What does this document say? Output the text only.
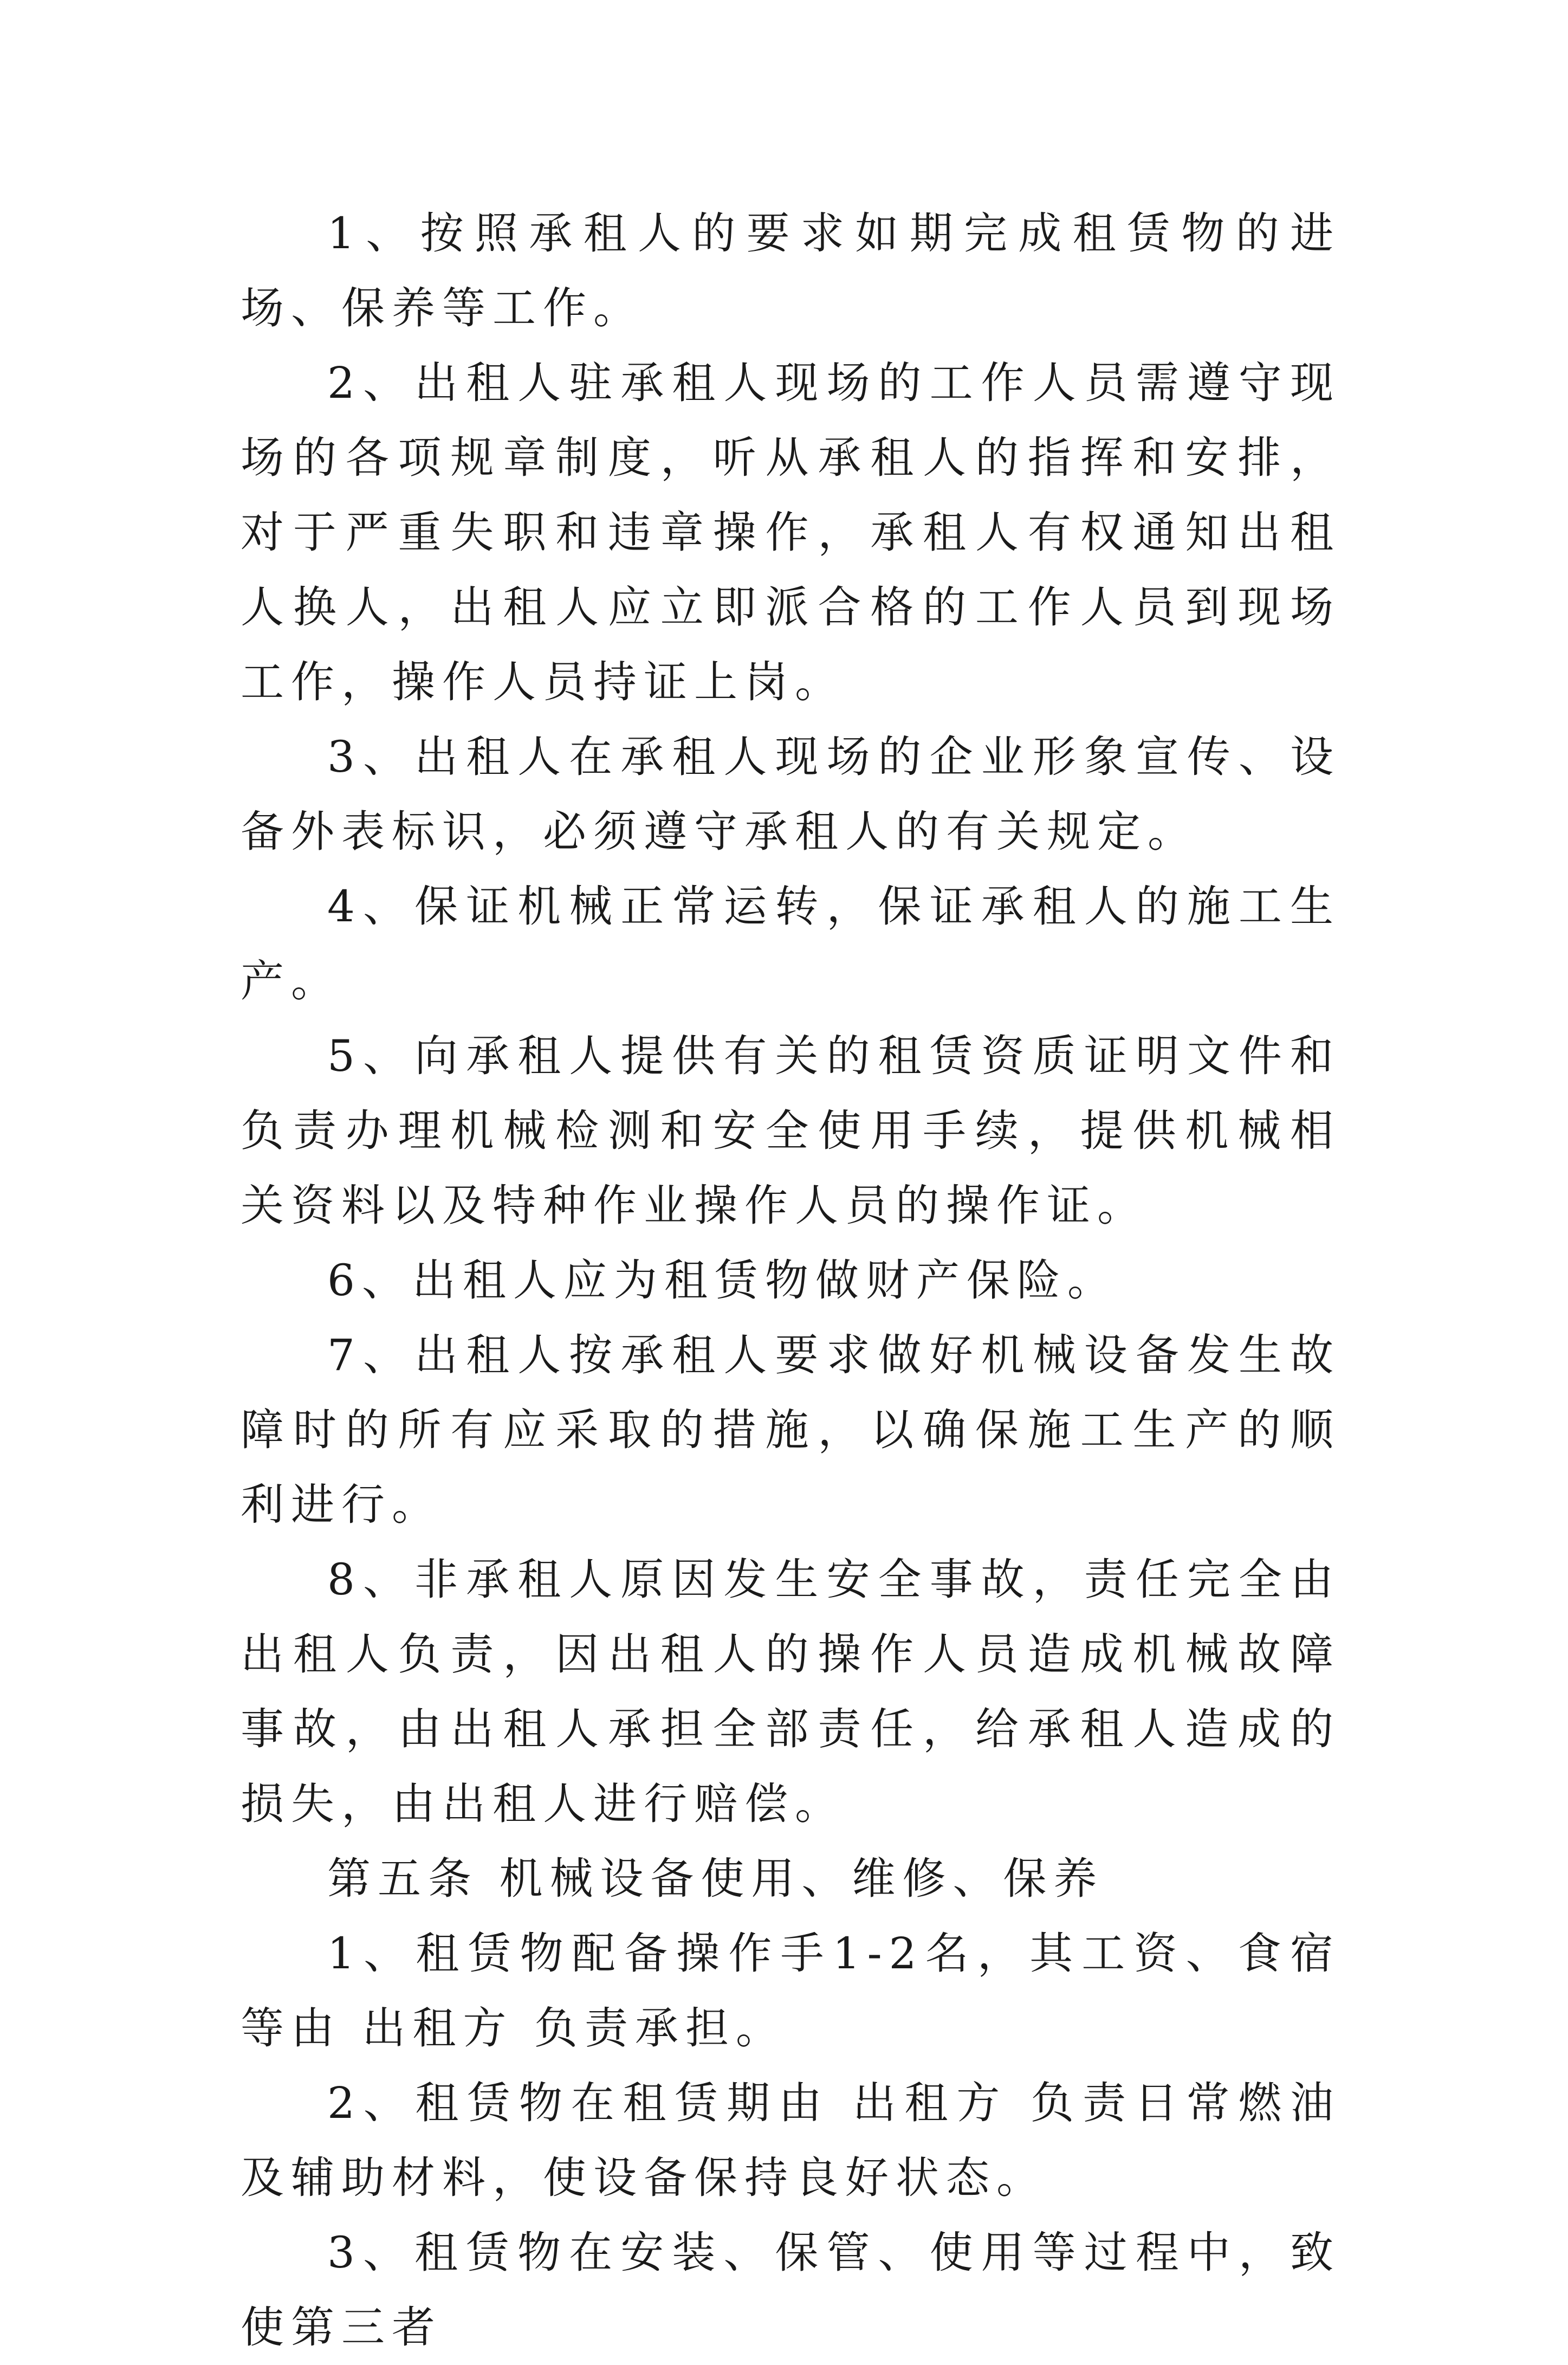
1、按照承租人的要求如期完成租赁物的进场、保养等工作。

2、出租人驻承租人现场的工作人员需遵守现场的各项规章制度，听从承租人的指挥和安排，对于严重失职和违章操作，承租人有权通知出租人换人，出租人应立即派合格的工作人员到现场工作，操作人员持证上岗。

3、出租人在承租人现场的企业形象宣传、设备外表标识，必须遵守承租人的有关规定。

4、保证机械正常运转，保证承租人的施工生产。

5、向承租人提供有关的租赁资质证明文件和负责办理机械检测和安全使用手续，提供机械相关资料以及特种作业操作人员的操作证。

6、出租人应为租赁物做财产保险。

7、出租人按承租人要求做好机械设备发生故障时的所有应采取的措施，以确保施工生产的顺利进行。

8、非承租人原因发生安全事故，责任完全由出租人负责，因出租人的操作人员造成机械故障事故，由出租人承担全部责任，给承租人造成的损失，由出租人进行赔偿。

第五条 机械设备使用、维修、保养

1、租赁物配备操作手1-2名，其工资、食宿等由 出租方 负责承担。

2、租赁物在租赁期由 出租方 负责日常燃油及辅助材料，使设备保持良好状态。

3、租赁物在安装、保管、使用等过程中，致使第三者
